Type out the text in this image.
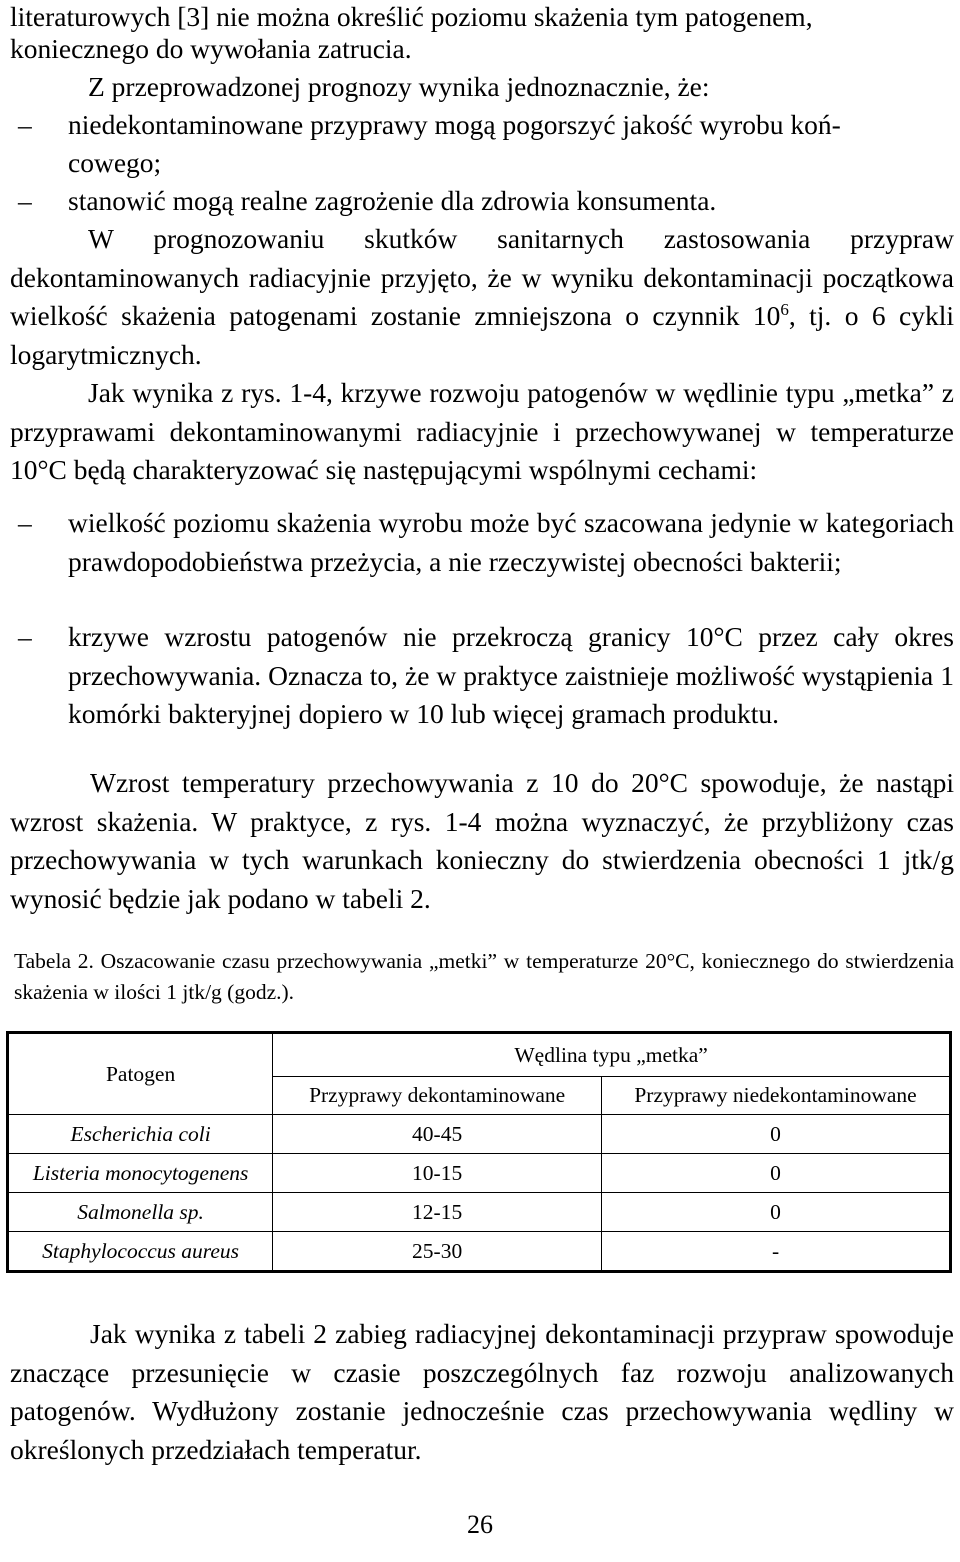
literaturowych [3] nie można określić poziomu skażenia tym patogenem,
koniecznego do wywołania zatrucia.
Z przeprowadzonej prognozy wynika jednoznacznie, że:
– niedekontaminowane przyprawy mogą pogorszyć jakość wyrobu koń-
cowego;
– stanowić mogą realne zagrożenie dla zdrowia konsumenta.

W prognozowaniu skutków sanitarnych zastosowania przypraw dekontaminowanych radiacyjnie przyjęto, że w wyniku dekontaminacji początkowa wielkość skażenia patogenami zostanie zmniejszona o czynnik $10^6$, tj. o 6 cykli logarytmicznych.

Jak wynika z rys. 1-4, krzywe rozwoju patogenów w wędlinie typu „metka” z przyprawami dekontaminowanymi radiacyjnie i przechowywanej w temperaturze 10°C będą charakteryzować się następującymi wspólnymi cechami:

– wielkość poziomu skażenia wyrobu może być szacowana jedynie w kategoriach prawdopodobieństwa przeżycia, a nie rzeczywistej obecności bakterii;

– krzywe wzrostu patogenów nie przekroczą granicy 10°C przez cały okres przechowywania. Oznacza to, że w praktyce zaistnieje możliwość wystąpienia 1 komórki bakteryjnej dopiero w 10 lub więcej gramach produktu.

Wzrost temperatury przechowywania z 10 do 20°C spowoduje, że nastąpi wzrost skażenia. W praktyce, z rys. 1-4 można wyznaczyć, że przybliżony czas przechowywania w tych warunkach konieczny do stwierdzenia obecności 1 jtk/g wynosić będzie jak podano w tabeli 2.

Tabela 2. Oszacowanie czasu przechowywania „metki” w temperaturze 20°C, koniecznego do stwierdzenia skażenia w ilości 1 jtk/g (godz.).
Patogen	Wędlina typu „metka”	
	Przyprawy dekontaminowane	Przyprawy niedekontaminowane
Escherichia coli	40-45	0
Listeria monocytogenens	10-15	0
Salmonella sp.	12-15	0
Staphylococcus aureus	25-30	-

Jak wynika z tabeli 2 zabieg radiacyjnej dekontaminacji przypraw spowoduje znaczące przesunięcie w czasie poszczególnych faz rozwoju analizowanych patogenów. Wydłużony zostanie jednocześnie czas przechowywania wędliny w określonych przedziałach temperatur.

26
